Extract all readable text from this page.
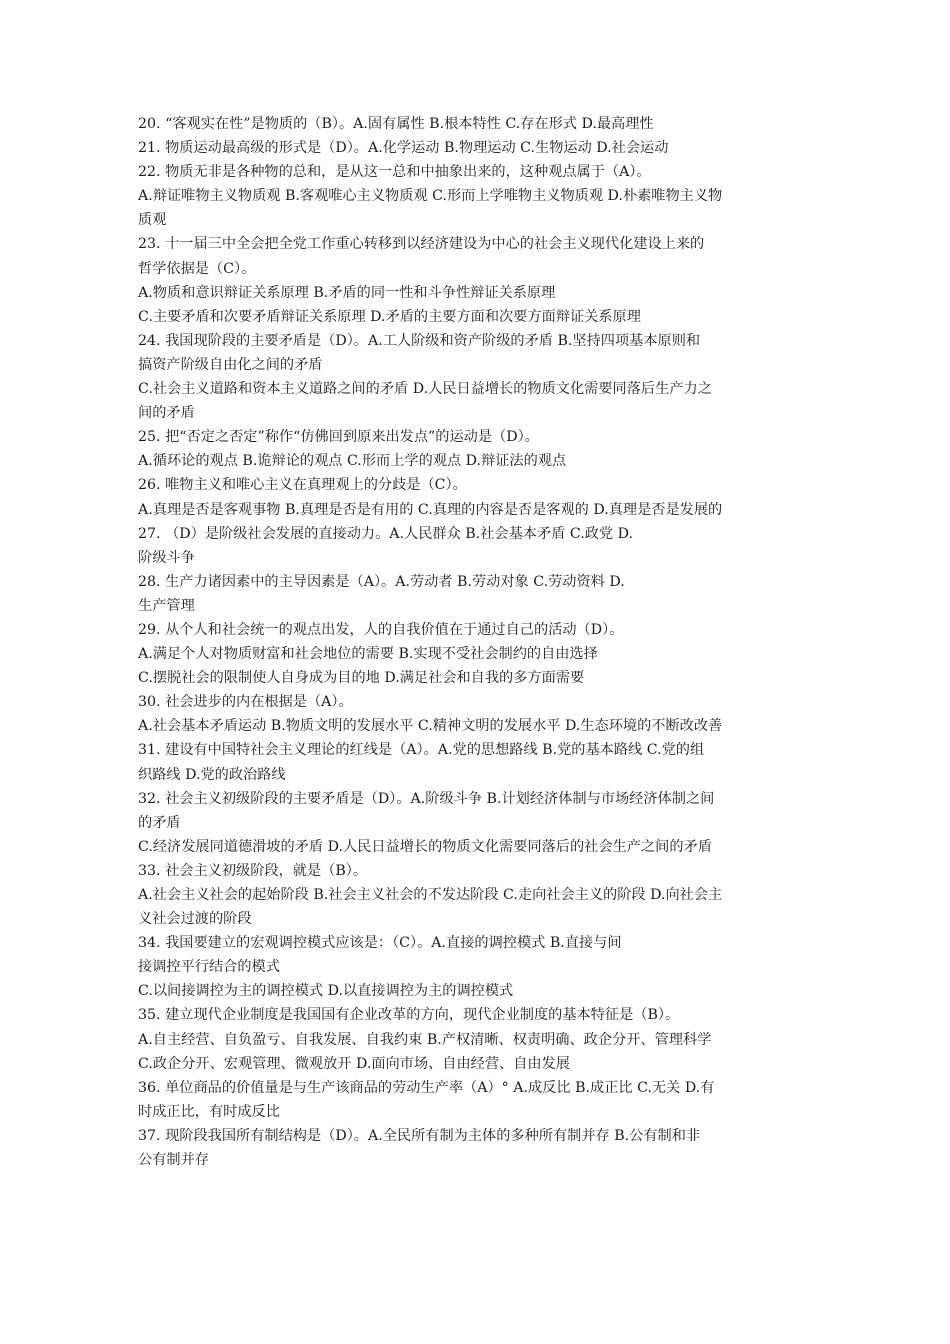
20. “客观实在性”是物质的（B）。A.固有属性 B.根本特性 C.存在形式 D.最高理性
21. 物质运动最高级的形式是（D）。A.化学运动 B.物理运动 C.生物运动 D.社会运动
22. 物质无非是各种物的总和，是从这一总和中抽象出来的，这种观点属于（A）。
A.辩证唯物主义物质观 B.客观唯心主义物质观 C.形而上学唯物主义物质观 D.朴素唯物主义物
质观
23. 十一届三中全会把全党工作重心转移到以经济建设为中心的社会主义现代化建设上来的
哲学依据是（C）。
A.物质和意识辩证关系原理 B.矛盾的同一性和斗争性辩证关系原理
C.主要矛盾和次要矛盾辩证关系原理 D.矛盾的主要方面和次要方面辩证关系原理
24. 我国现阶段的主要矛盾是（D）。A.工人阶级和资产阶级的矛盾 B.坚持四项基本原则和
搞资产阶级自由化之间的矛盾
C.社会主义道路和资本主义道路之间的矛盾 D.人民日益增长的物质文化需要同落后生产力之
间的矛盾
25. 把“否定之否定”称作“仿佛回到原来出发点”的运动是（D）。
A.循环论的观点 B.诡辩论的观点 C.形而上学的观点 D.辩证法的观点
26. 唯物主义和唯心主义在真理观上的分歧是（C）。
A.真理是否是客观事物 B.真理是否是有用的 C.真理的内容是否是客观的 D.真理是否是发展的
27. （D）是阶级社会发展的直接动力。A.人民群众 B.社会基本矛盾 C.政党 D.
阶级斗争
28. 生产力诸因素中的主导因素是（A）。A.劳动者 B.劳动对象 C.劳动资料 D.
生产管理
29. 从个人和社会统一的观点出发，人的自我价值在于通过自己的活动（D）。
A.满足个人对物质财富和社会地位的需要 B.实现不受社会制约的自由选择
C.摆脱社会的限制使人自身成为目的地 D.满足社会和自我的多方面需要
30. 社会进步的内在根据是（A）。
A.社会基本矛盾运动 B.物质文明的发展水平 C.精神文明的发展水平 D.生态环境的不断改改善
31. 建设有中国特社会主义理论的红线是（A）。A.党的思想路线 B.党的基本路线 C.党的组
织路线 D.党的政治路线
32. 社会主义初级阶段的主要矛盾是（D）。A.阶级斗争 B.计划经济体制与市场经济体制之间
的矛盾
C.经济发展同道德滑坡的矛盾 D.人民日益增长的物质文化需要同落后的社会生产之间的矛盾
33. 社会主义初级阶段，就是（B）。
A.社会主义社会的起始阶段 B.社会主义社会的不发达阶段 C.走向社会主义的阶段 D.向社会主
义社会过渡的阶段
34. 我国要建立的宏观调控模式应该是：（C）。A.直接的调控模式 B.直接与间
接调控平行结合的模式
C.以间接调控为主的调控模式 D.以直接调控为主的调控模式
35. 建立现代企业制度是我国国有企业改革的方向，现代企业制度的基本特征是（B）。
A.自主经营、自负盈亏、自我发展、自我约束 B.产权清晰、权责明确、政企分开、管理科学
C.政企分开、宏观管理、微观放开 D.面向市场、自由经营、自由发展
36. 单位商品的价值量是与生产该商品的劳动生产率（A）° A.成反比 B.成正比 C.无关 D.有
时成正比，有时成反比
37. 现阶段我国所有制结构是（D）。A.全民所有制为主体的多种所有制并存 B.公有制和非
公有制并存
